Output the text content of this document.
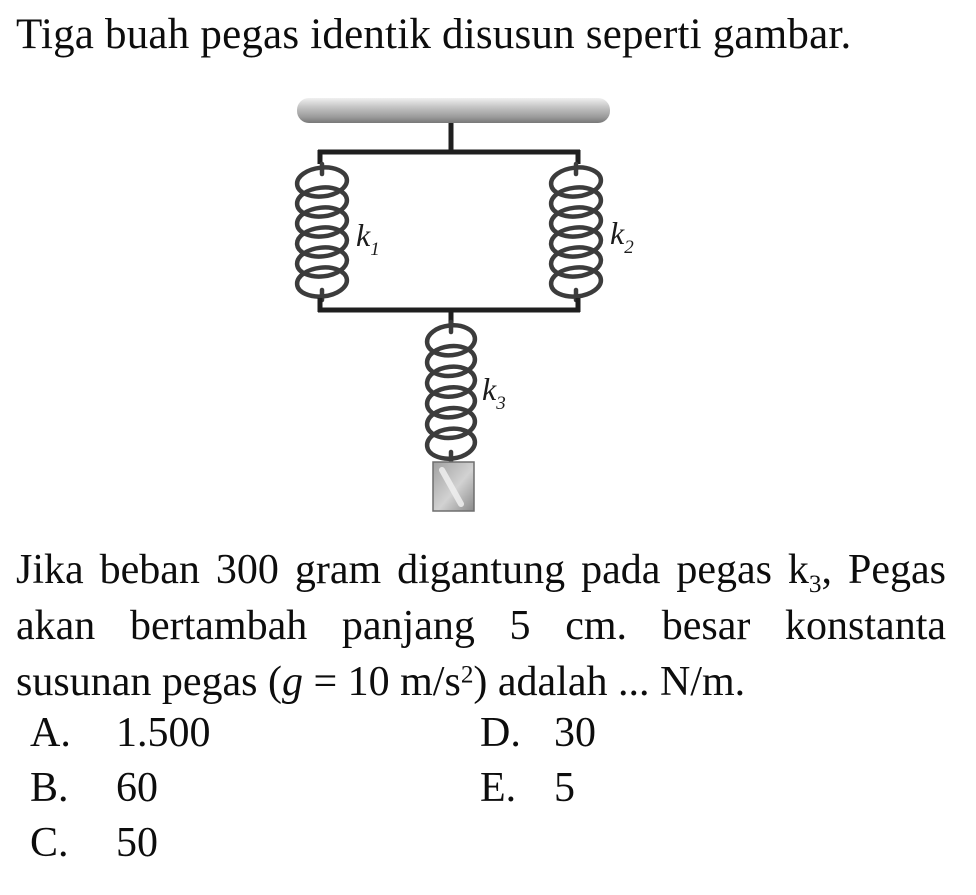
Tiga buah pegas identik disusun seperti gambar.
$k_1$	$k_2$
$k_3$
Jika beban 300 gram digantung pada pegas $k_3$, Pegas
akan bertambah panjang 5 cm. besar konstanta
susunan pegas (g = 10 $m/s^2$) adalah ... N/m.
A.	1.500	D. 30
B.	60	E. 5
C.	50
